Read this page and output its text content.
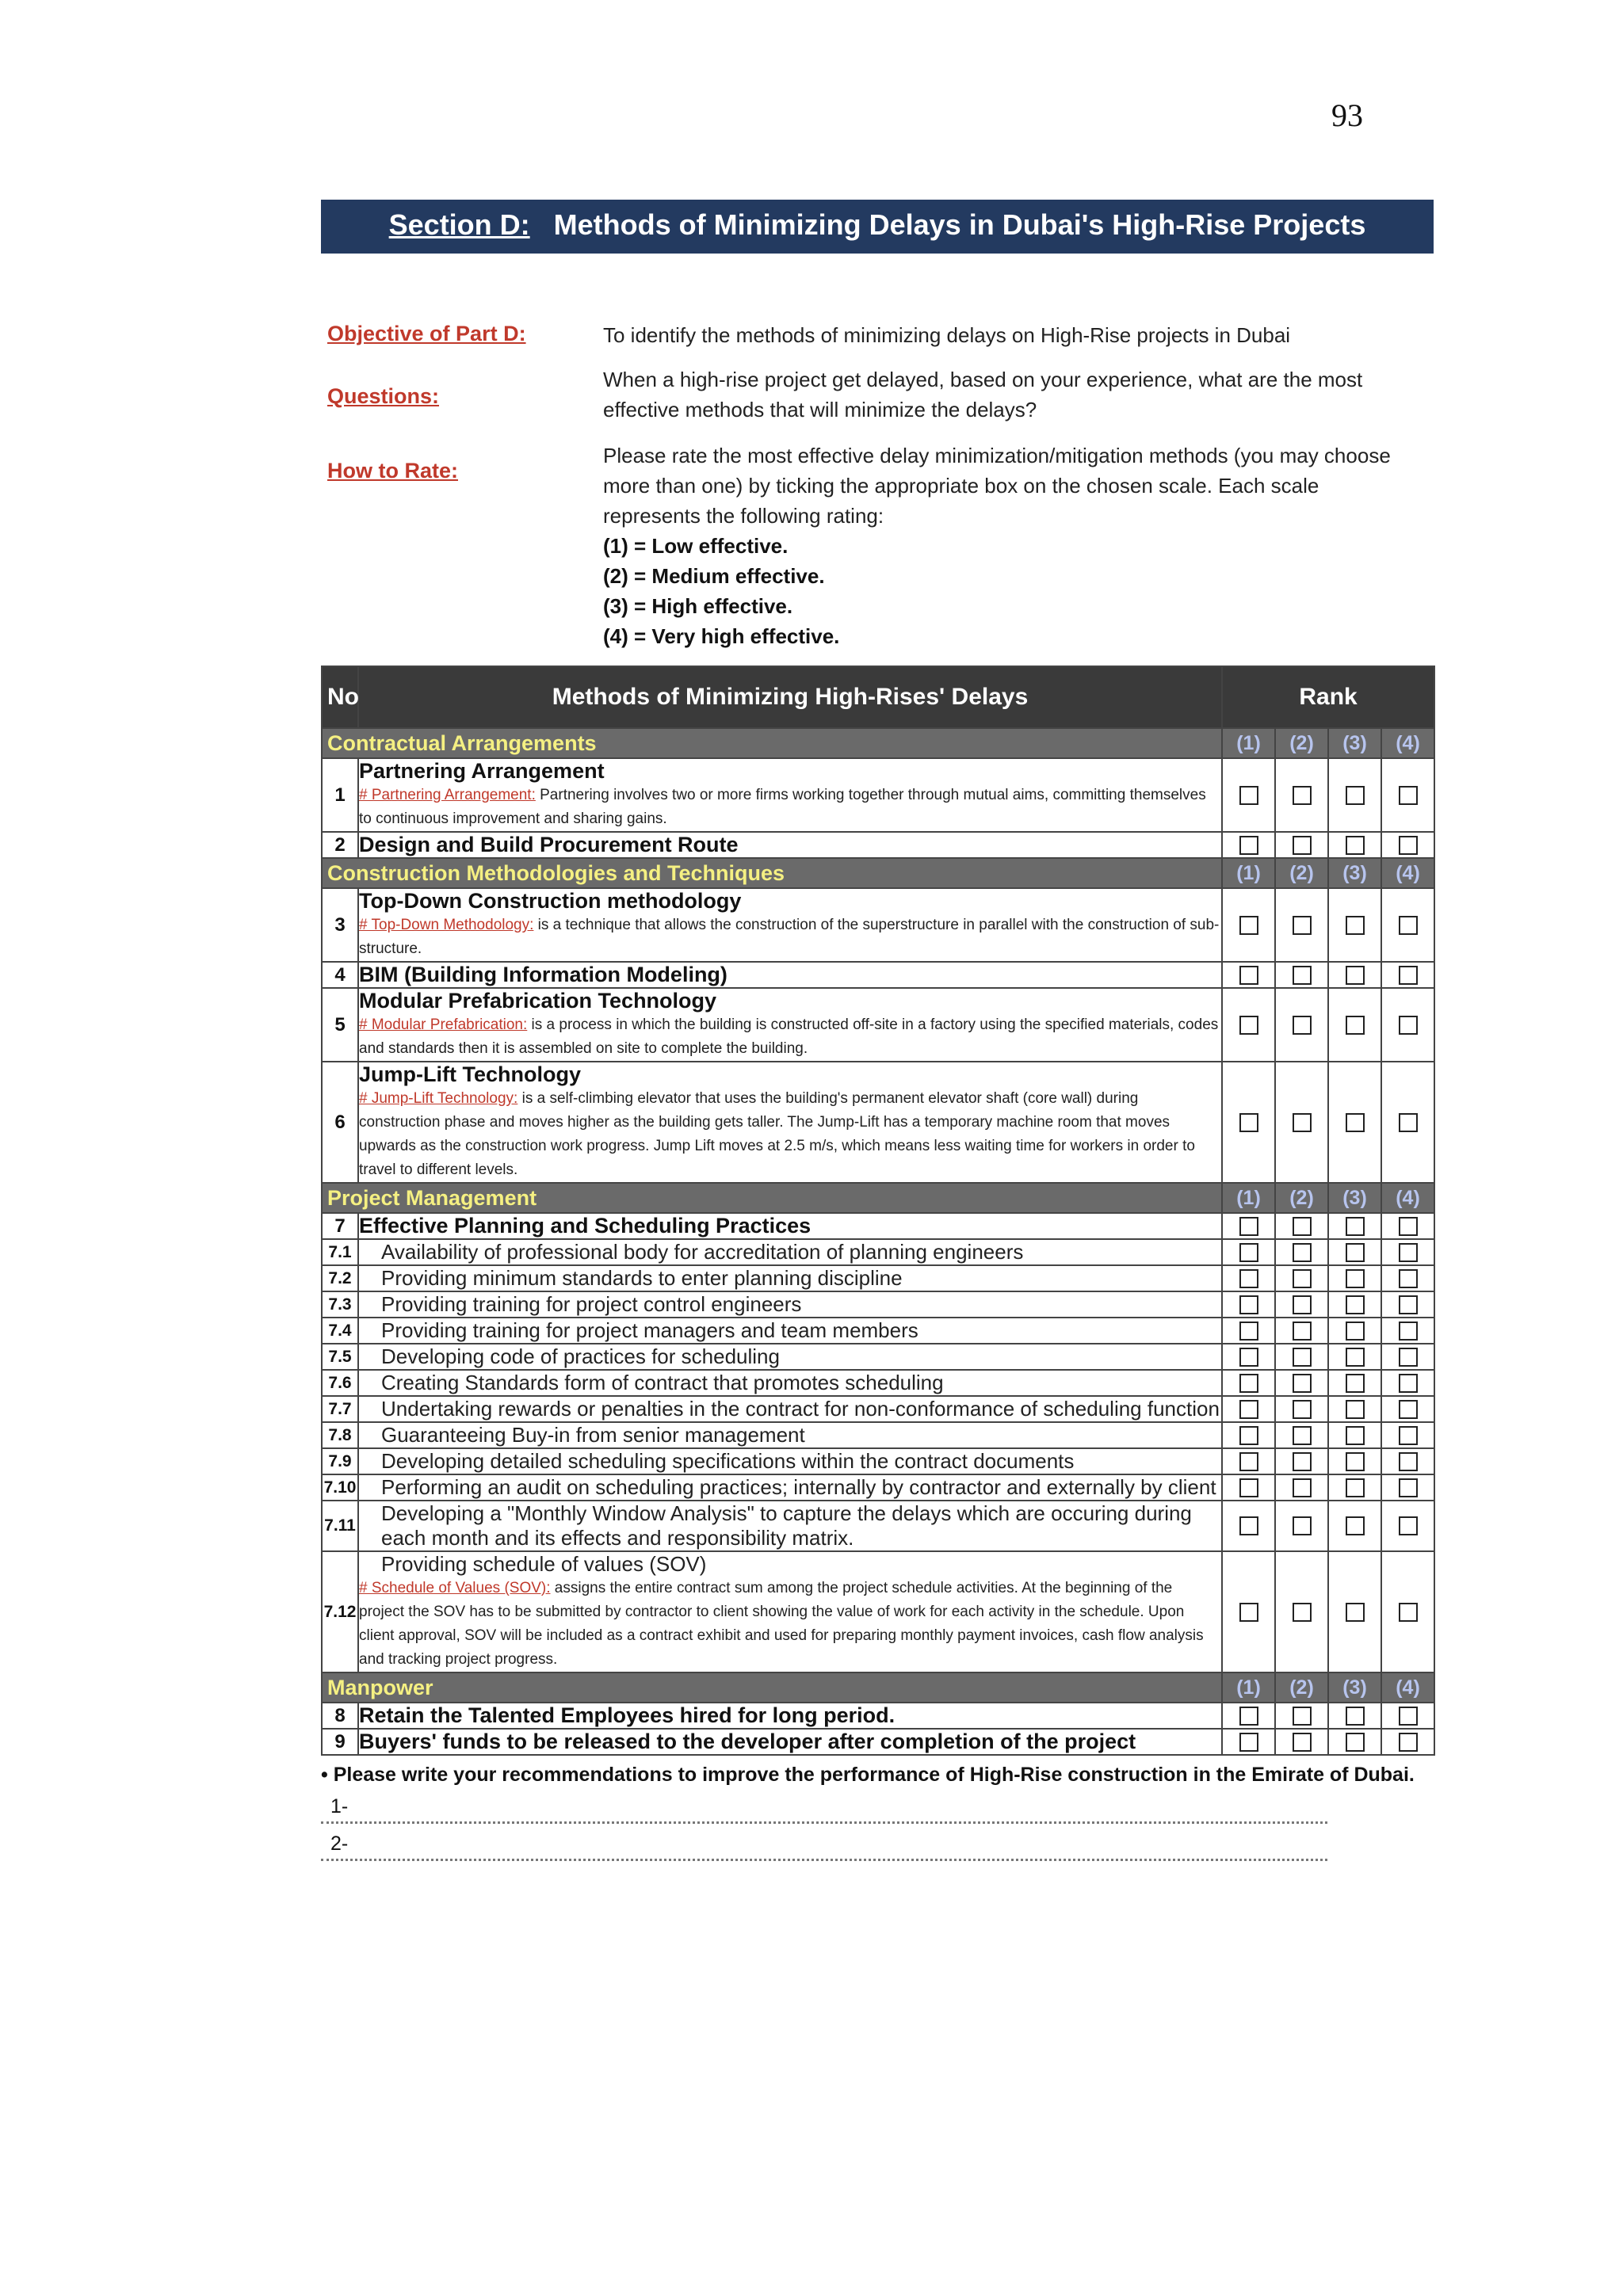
93
Section D: Methods of Minimizing Delays in Dubai's High-Rise Projects
Objective of Part D:	To identify the methods of minimizing delays on High-Rise projects in Dubai
Questions:
When a high-rise project get delayed, based on your experience, what are the most effective methods that will minimize the delays?
How to Rate:
Please rate the most effective delay minimization/mitigation methods (you may choose more than one) by ticking the appropriate box on the chosen scale. Each scale represents the following rating:
(1) = Low effective.
(2) = Medium effective.
(3) = High effective.
(4) = Very high effective.
No	Methods of Minimizing High-Rises' Delays	Rank			
Contractual Arrangements		(1)	(2)	(3)	(4)
1	Partnering Arrangement
# Partnering Arrangement: Partnering involves two or more firms working together through mutual aims, committing themselves to continuous improvement and sharing gains.				

2	Design and Build Procurement Route				

Construction Methodologies and Techniques		(1)	(2)	(3)	(4)
3	Top-Down Construction methodology
# Top-Down Methodology: is a technique that allows the construction of the superstructure in parallel with the construction of sub-structure.				

4	BIM (Building Information Modeling)				

5	Modular Prefabrication Technology
# Modular Prefabrication: is a process in which the building is constructed off-site in a factory using the specified materials, codes and standards then it is assembled on site to complete the building.				

6	Jump-Lift Technology
# Jump-Lift Technology: is a self-climbing elevator that uses the building's permanent elevator shaft (core wall) during construction phase and moves higher as the building gets taller. The Jump-Lift has a temporary machine room that moves upwards as the construction work progress. Jump Lift moves at 2.5 m/s, which means less waiting time for workers in order to travel to different levels.				

Project Management		(1)	(2)	(3)	(4)
7	Effective Planning and Scheduling Practices				

7.1	Availability of professional body for accreditation of planning engineers				

7.2	Providing minimum standards to enter planning discipline				

7.3	Providing training for project control engineers				

7.4	Providing training for project managers and team members				

7.5	Developing code of practices for scheduling				

7.6	Creating Standards form of contract that promotes scheduling				

7.7	Undertaking rewards or penalties in the contract for non-conformance of scheduling function				

7.8	Guaranteeing Buy-in from senior management				

7.9	Developing detailed scheduling specifications within the contract documents				

7.10	Performing an audit on scheduling practices; internally by contractor and externally by client				

7.11	Developing a "Monthly Window Analysis" to capture the delays which are occuring during each month and its effects and responsibility matrix.				

7.12	Providing schedule of values (SOV)
# Schedule of Values (SOV): assigns the entire contract sum among the project schedule activities. At the beginning of the project the SOV has to be submitted by contractor to client showing the value of work for each activity in the schedule. Upon client approval, SOV will be included as a contract exhibit and used for preparing monthly payment invoices, cash flow analysis and tracking project progress.				

Manpower		(1)	(2)	(3)	(4)
8	Retain the Talented Employees hired for long period.				

9	Buyers' funds to be released to the developer after completion of the project				

• Please write your recommendations to improve the performance of High-Rise construction in the Emirate of Dubai.
1-
2-
